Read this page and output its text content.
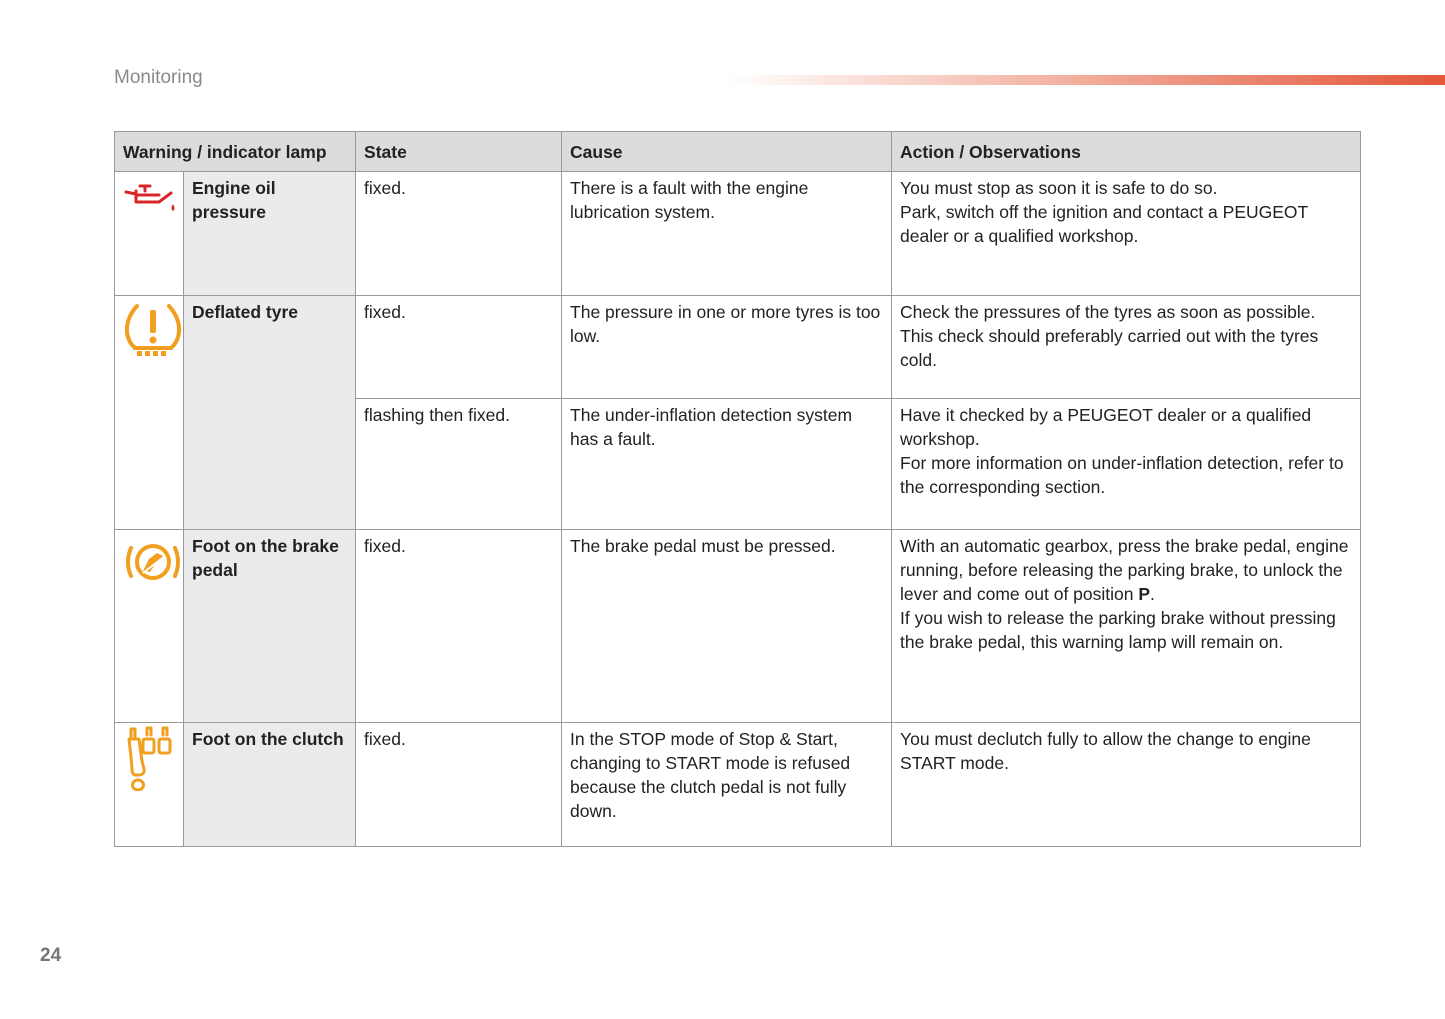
Monitoring
Warning / indicator lamp		State	Cause	Action / Observations

	Engine oil pressure	fixed.	There is a fault with the engine lubrication system.	You must stop as soon it is safe to do so.
Park, switch off the ignition and contact a PEUGEOT dealer or a qualified workshop.

	Deflated tyre	fixed.	The pressure in one or more tyres is too low.	Check the pressures of the tyres as soon as possible.
This check should preferably carried out with the tyres cold.

		flashing then fixed.	The under-inflation detection system has a fault.	Have it checked by a PEUGEOT dealer or a qualified workshop.
For more information on under-inflation detection, refer to the corresponding section.

	Foot on the brake pedal	fixed.	The brake pedal must be pressed.	With an automatic gearbox, press the brake pedal, engine running, before releasing the parking brake, to unlock the lever and come out of position P.
If you wish to release the parking brake without pressing the brake pedal, this warning lamp will remain on.

	Foot on the clutch	fixed.	In the STOP mode of Stop & Start, changing to START mode is refused because the clutch pedal is not fully down.	You must declutch fully to allow the change to engine START mode.
24
